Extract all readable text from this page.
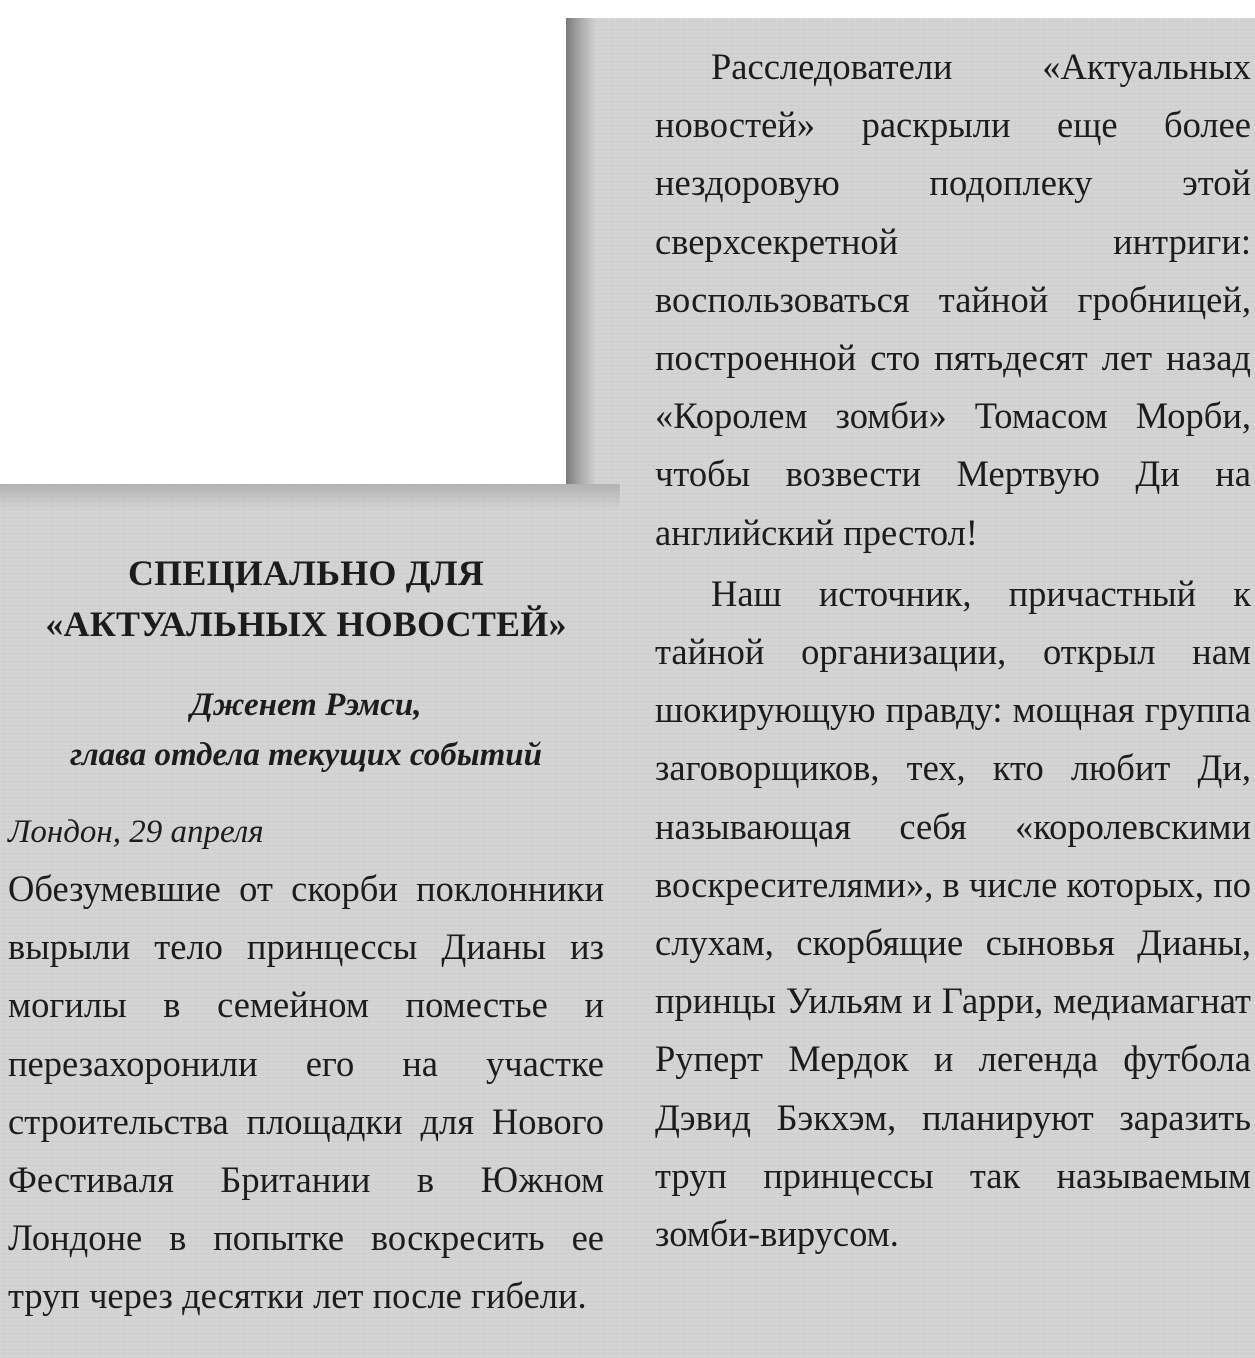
Расследователи «Актуальных новостей» раскрыли еще более нездоровую подоплеку этой сверхсекретной интриги: воспользоваться тайной гробницей, построенной сто пятьдесят лет назад «Королем зомби» Томасом Морби, чтобы возвести Мертвую Ди на английский престол!

Наш источник, причастный к тайной организации, открыл нам шокирующую правду: мощная группа заговорщиков, тех, кто любит Ди, называющая себя «королевскими воскресителями», в числе которых, по слухам, скорбящие сыновья Дианы, принцы Уильям и Гарри, медиамагнат Руперт Мердок и легенда футбола Дэвид Бэкхэм, планируют заразить труп принцессы так называемым зомби-вирусом.

СПЕЦИАЛЬНО ДЛЯ
«АКТУАЛЬНЫХ НОВОСТЕЙ»
Дженет Рэмси,
глава отдела текущих событий
Лондон, 29 апреля

Обезумевшие от скорби поклонники вырыли тело принцессы Дианы из могилы в семейном поместье и перезахоронили его на участке строительства площадки для Нового Фестиваля Британии в Южном Лондоне в попытке воскресить ее труп через десятки лет после гибели.
